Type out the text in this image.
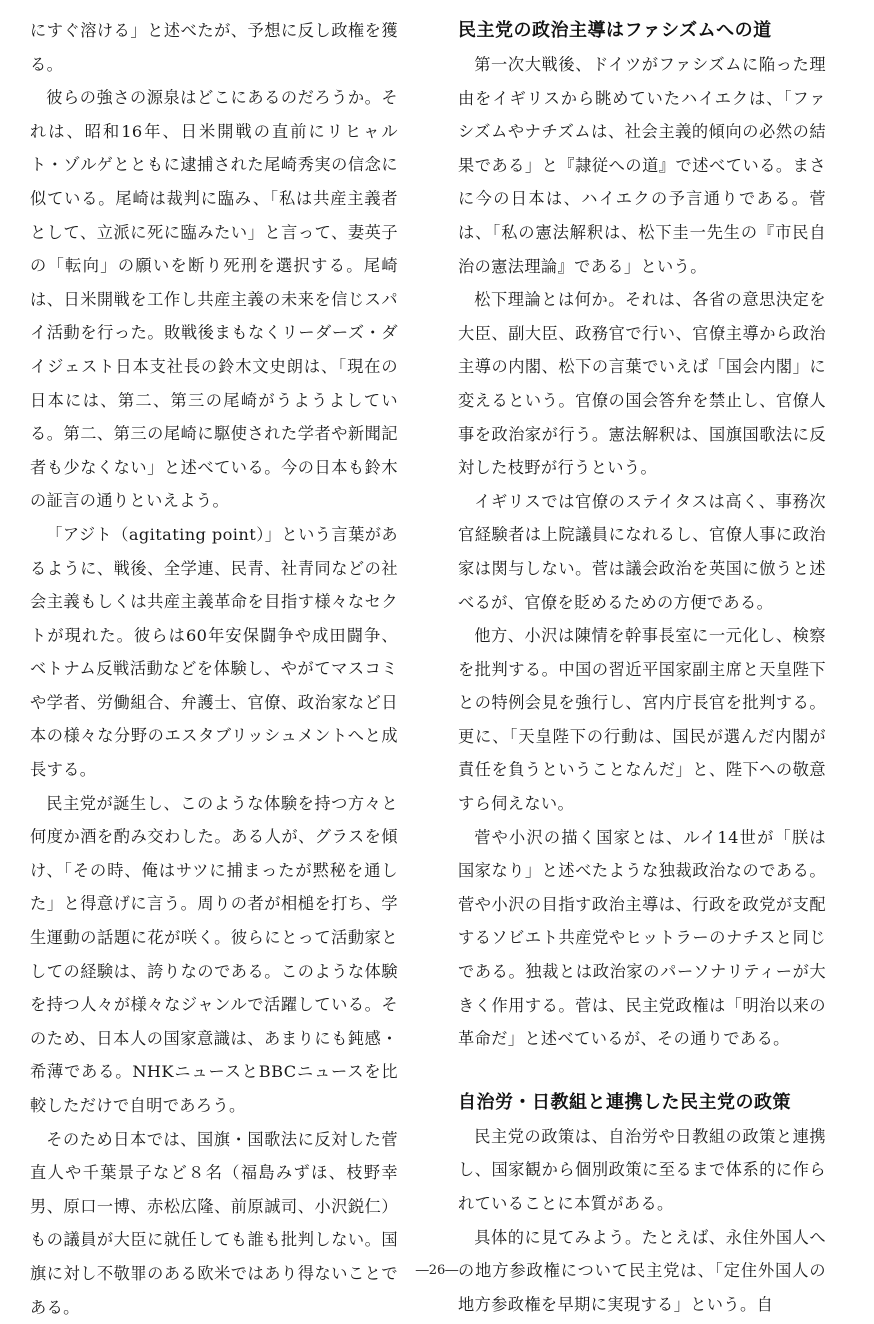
にすぐ溶ける」と述べたが、予想に反し政権を獲る。

彼らの強さの源泉はどこにあるのだろうか。それは、昭和16年、日米開戦の直前にリヒャルト・ゾルゲとともに逮捕された尾崎秀実の信念に似ている。尾崎は裁判に臨み、「私は共産主義者として、立派に死に臨みたい」と言って、妻英子の「転向」の願いを断り死刑を選択する。尾崎は、日米開戦を工作し共産主義の未来を信じスパイ活動を行った。敗戦後まもなくリーダーズ・ダイジェスト日本支社長の鈴木文史朗は、「現在の日本には、第二、第三の尾崎がうようよしている。第二、第三の尾崎に駆使された学者や新聞記者も少なくない」と述べている。今の日本も鈴木の証言の通りといえよう。

「アジト（agitating point）」という言葉があるように、戦後、全学連、民青、社青同などの社会主義もしくは共産主義革命を目指す様々なセクトが現れた。彼らは60年安保闘争や成田闘争、ベトナム反戦活動などを体験し、やがてマスコミや学者、労働組合、弁護士、官僚、政治家など日本の様々な分野のエスタブリッシュメントへと成長する。

民主党が誕生し、このような体験を持つ方々と何度か酒を酌み交わした。ある人が、グラスを傾け、「その時、俺はサツに捕まったが黙秘を通した」と得意げに言う。周りの者が相槌を打ち、学生運動の話題に花が咲く。彼らにとって活動家としての経験は、誇りなのである。このような体験を持つ人々が様々なジャンルで活躍している。そのため、日本人の国家意識は、あまりにも鈍感・希薄である。NHKニュースとBBCニュースを比較しただけで自明であろう。

そのため日本では、国旗・国歌法に反対した菅直人や千葉景子など８名（福島みずほ、枝野幸男、原口一博、赤松広隆、前原誠司、小沢鋭仁）もの議員が大臣に就任しても誰も批判しない。国旗に対し不敬罪のある欧米ではあり得ないことである。

民主党の政治主導はファシズムへの道

第一次大戦後、ドイツがファシズムに陥った理由をイギリスから眺めていたハイエクは、「ファシズムやナチズムは、社会主義的傾向の必然の結果である」と『隷従への道』で述べている。まさに今の日本は、ハイエクの予言通りである。菅は、「私の憲法解釈は、松下圭一先生の『市民自治の憲法理論』である」という。

松下理論とは何か。それは、各省の意思決定を大臣、副大臣、政務官で行い、官僚主導から政治主導の内閣、松下の言葉でいえば「国会内閣」に変えるという。官僚の国会答弁を禁止し、官僚人事を政治家が行う。憲法解釈は、国旗国歌法に反対した枝野が行うという。

イギリスでは官僚のステイタスは高く、事務次官経験者は上院議員になれるし、官僚人事に政治家は関与しない。菅は議会政治を英国に倣うと述べるが、官僚を貶めるための方便である。

他方、小沢は陳情を幹事長室に一元化し、検察を批判する。中国の習近平国家副主席と天皇陛下との特例会見を強行し、宮内庁長官を批判する。更に、「天皇陛下の行動は、国民が選んだ内閣が責任を負うということなんだ」と、陛下への敬意すら伺えない。

菅や小沢の描く国家とは、ルイ14世が「朕は国家なり」と述べたような独裁政治なのである。菅や小沢の目指す政治主導は、行政を政党が支配するソビエト共産党やヒットラーのナチスと同じである。独裁とは政治家のパーソナリティーが大きく作用する。菅は、民主党政権は「明治以来の革命だ」と述べているが、その通りである。

自治労・日教組と連携した民主党の政策

民主党の政策は、自治労や日教組の政策と連携し、国家観から個別政策に至るまで体系的に作られていることに本質がある。

具体的に見てみよう。たとえば、永住外国人への地方参政権について民主党は、「定住外国人の地方参政権を早期に実現する」という。自

―26―
